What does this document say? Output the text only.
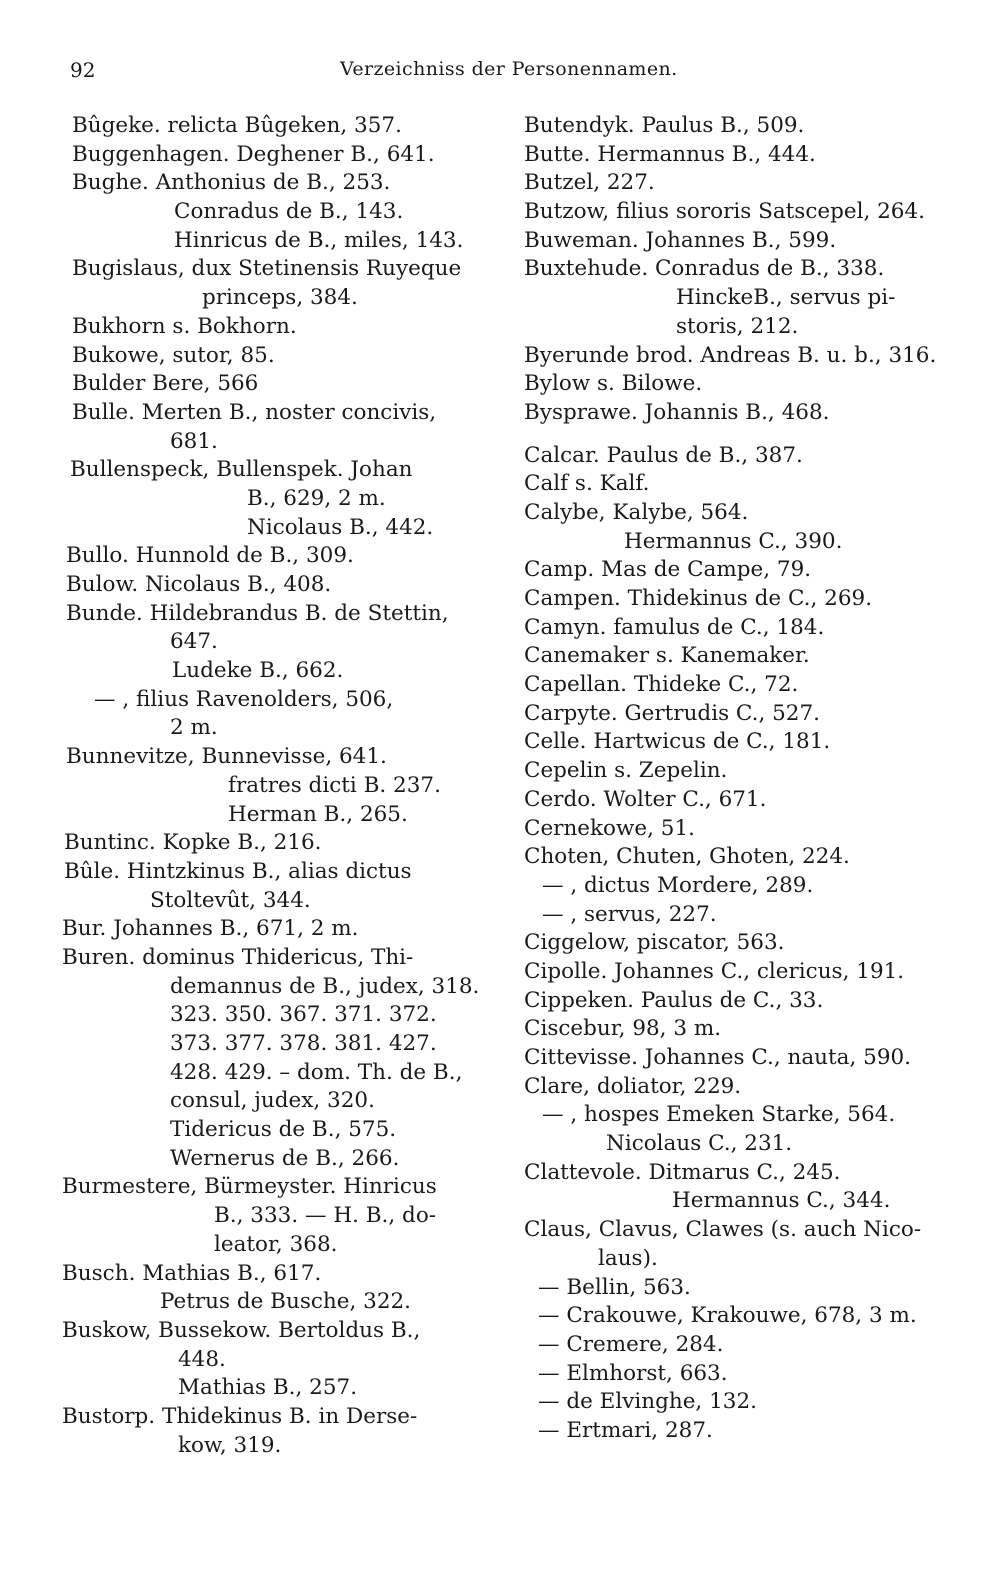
92	Verzeichniss der Personennamen.
Bûgeke. relicta Bûgeken, 357.
Buggenhagen. Deghener B., 641.
Bughe. Anthonius de B., 253.
Conradus de B., 143.
Hinricus de B., miles, 143.
Bugislaus, dux Stetinensis Ruyeque
princeps, 384.
Bukhorn s. Bokhorn.
Bukowe, sutor, 85.
Bulder Bere, 566
Bulle. Merten B., noster concivis,
681.
Bullenspeck, Bullenspek. Johan
B., 629, 2 m.
Nicolaus B., 442.
Bullo. Hunnold de B., 309.
Bulow. Nicolaus B., 408.
Bunde. Hildebrandus B. de Stettin,
647.
Ludeke B., 662.
— , filius Ravenolders, 506,
2 m.
Bunnevitze, Bunnevisse, 641.
fratres dicti B. 237.
Herman B., 265.
Buntinc. Kopke B., 216.
Bûle. Hintzkinus B., alias dictus
Stoltevût, 344.
Bur. Johannes B., 671, 2 m.
Buren. dominus Thidericus, Thi-
demannus de B., judex, 318.
323. 350. 367. 371. 372.
373. 377. 378. 381. 427.
428. 429. – dom. Th. de B.,
consul, judex, 320.
Tidericus de B., 575.
Wernerus de B., 266.
Burmestere, Bürmeyster. Hinricus
B., 333. — H. B., do-
leator, 368.
Busch. Mathias B., 617.
Petrus de Busche, 322.
Buskow, Bussekow. Bertoldus B.,
448.
Mathias B., 257.
Bustorp. Thidekinus B. in Derse-
kow, 319.
Butendyk. Paulus B., 509.
Butte. Hermannus B., 444.
Butzel, 227.
Butzow, filius sororis Satscepel, 264.
Buweman. Johannes B., 599.
Buxtehude. Conradus de B., 338.
HinckeB., servus pi-
storis, 212.
Byerunde brod. Andreas B. u. b., 316.
Bylow s. Bilowe.
Bysprawe. Johannis B., 468.
Calcar. Paulus de B., 387.
Calf s. Kalf.
Calybe, Kalybe, 564.
Hermannus C., 390.
Camp. Mas de Campe, 79.
Campen. Thidekinus de C., 269.
Camyn. famulus de C., 184.
Canemaker s. Kanemaker.
Capellan. Thideke C., 72.
Carpyte. Gertrudis C., 527.
Celle. Hartwicus de C., 181.
Cepelin s. Zepelin.
Cerdo. Wolter C., 671.
Cernekowe, 51.
Choten, Chuten, Ghoten, 224.
— , dictus Mordere, 289.
— , servus, 227.
Ciggelow, piscator, 563.
Cipolle. Johannes C., clericus, 191.
Cippeken. Paulus de C., 33.
Ciscebur, 98, 3 m.
Cittevisse. Johannes C., nauta, 590.
Clare, doliator, 229.
— , hospes Emeken Starke, 564.
Nicolaus C., 231.
Clattevole. Ditmarus C., 245.
Hermannus C., 344.
Claus, Clavus, Clawes (s. auch Nico-
laus).
— Bellin, 563.
— Crakouwe, Krakouwe, 678, 3 m.
— Cremere, 284.
— Elmhorst, 663.
— de Elvinghe, 132.
— Ertmari, 287.
